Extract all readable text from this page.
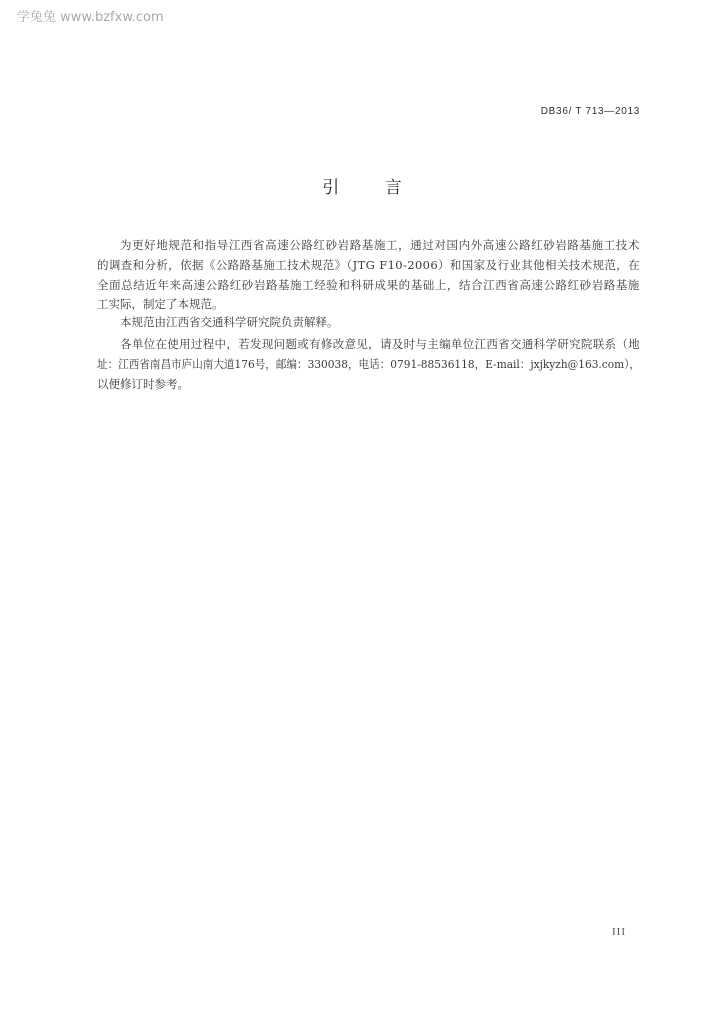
学兔兔 www.bzfxw.com
DB36/ T 713—2013
引 言
为更好地规范和指导江西省高速公路红砂岩路基施工，通过对国内外高速公路红砂岩路基施工技术
的调查和分析，依据《公路路基施工技术规范》（JTG F10-2006）和国家及行业其他相关技术规范，在
全面总结近年来高速公路红砂岩路基施工经验和科研成果的基础上，结合江西省高速公路红砂岩路基施
工实际，制定了本规范。
本规范由江西省交通科学研究院负责解释。
各单位在使用过程中，若发现问题或有修改意见，请及时与主编单位江西省交通科学研究院联系（地
址：江西省南昌市庐山南大道176号，邮编：330038，电话：0791-88536118，E-mail：jxjkyzh@163.com），
以便修订时参考。
III
